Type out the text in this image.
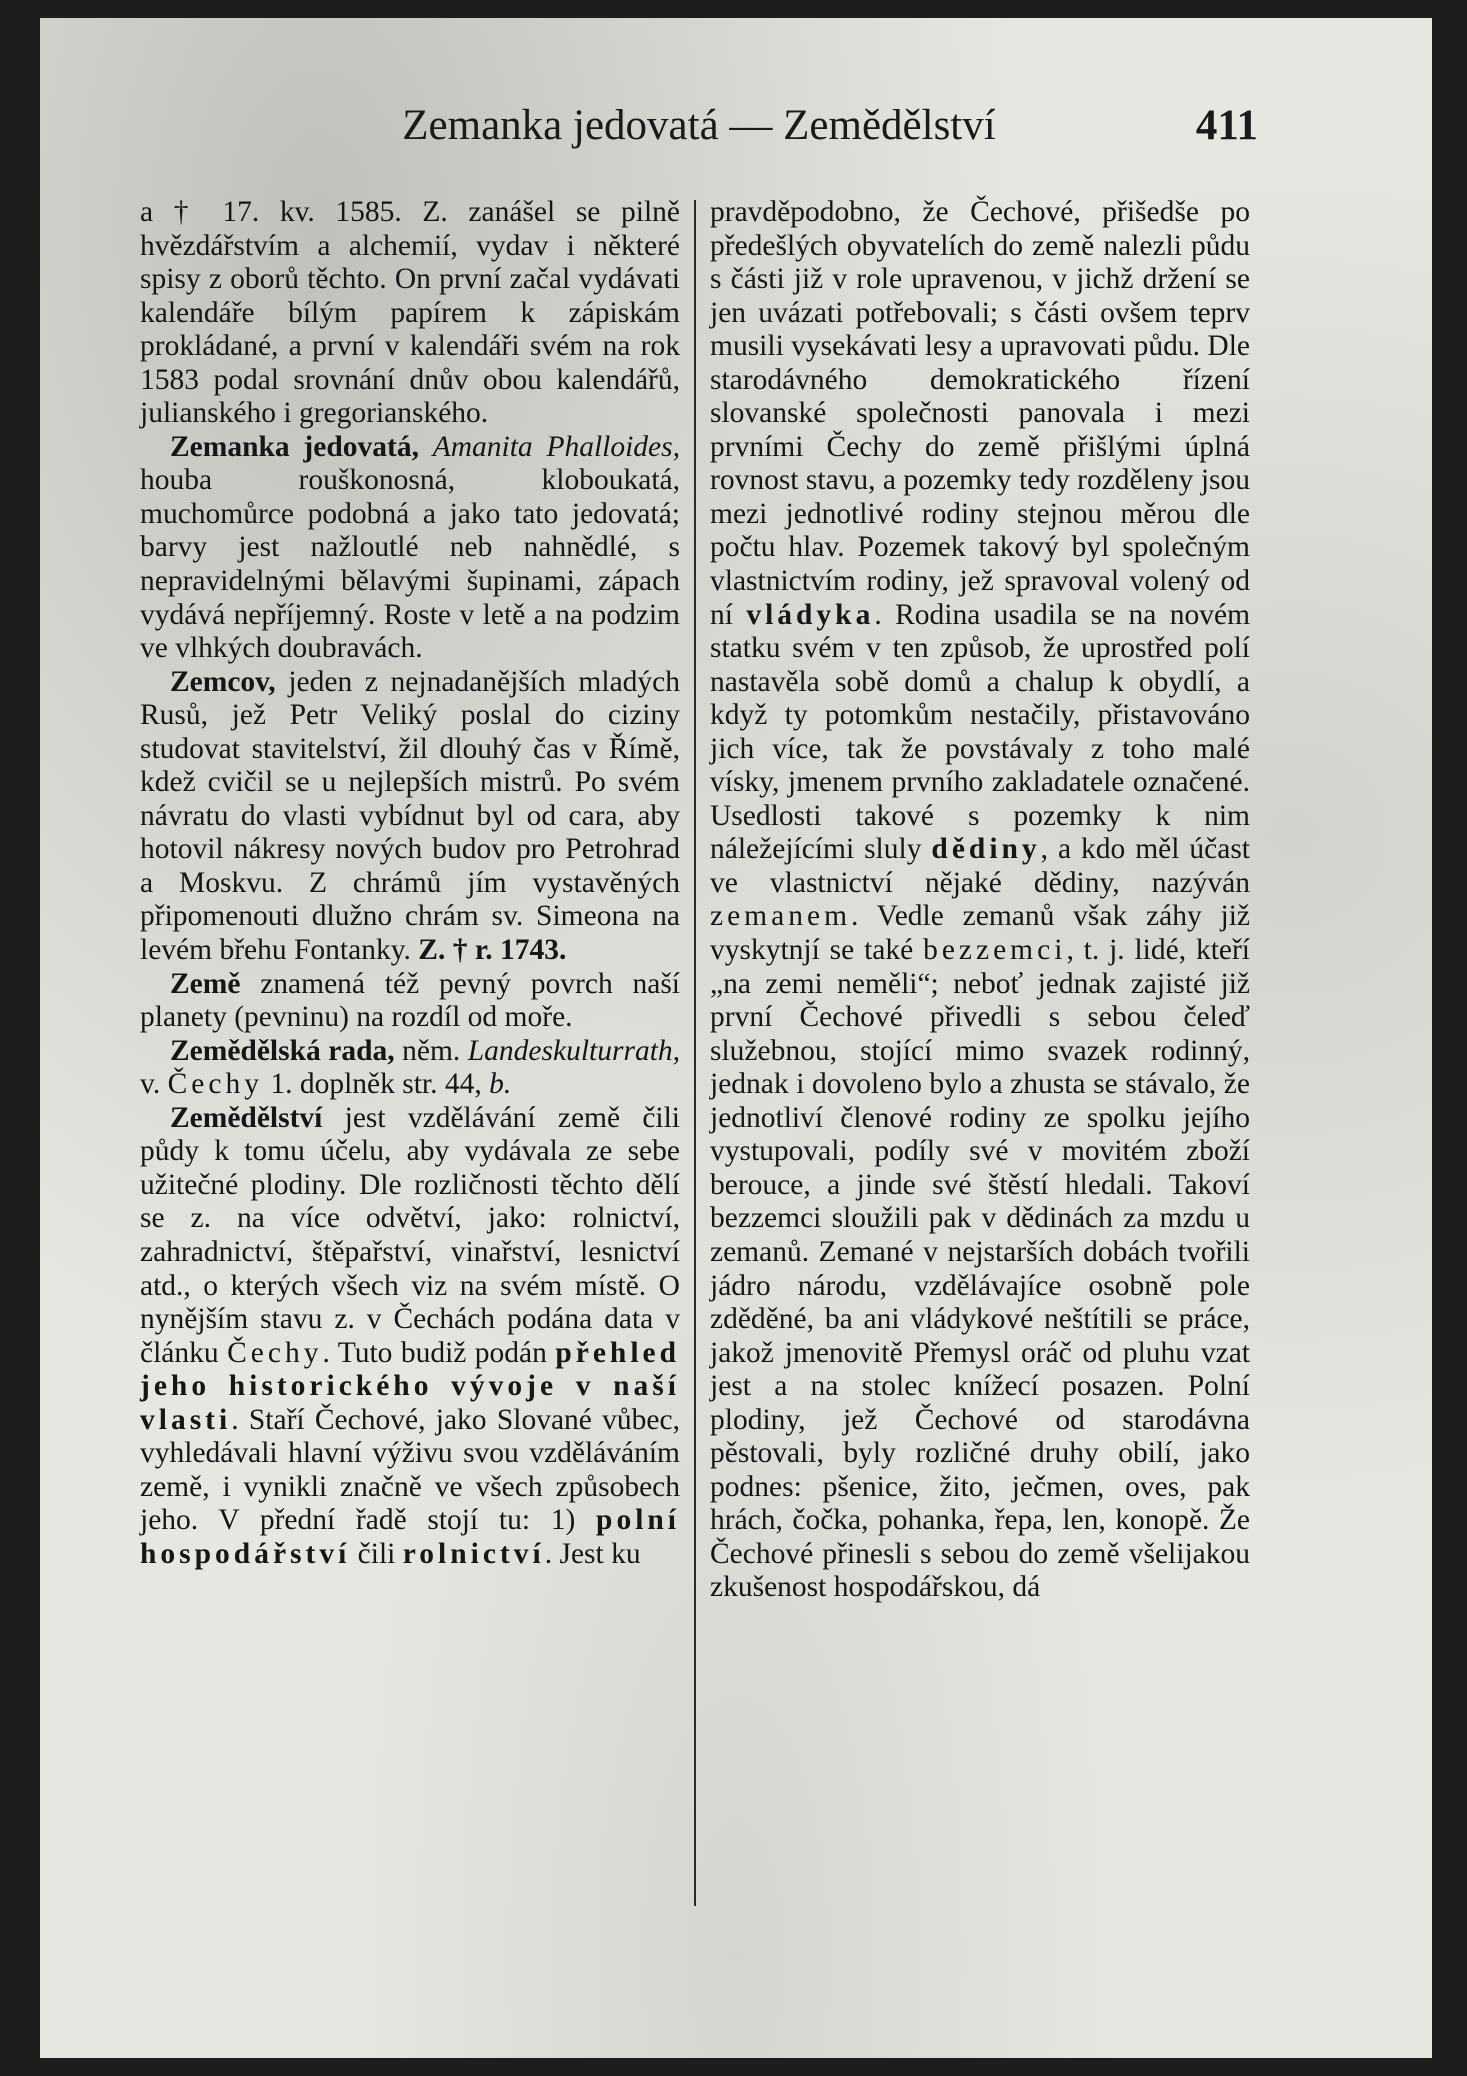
Zemanka jedovatá — Zemědělství	411

a † 17. kv. 1585. Z. zanášel se pilně hvězdářstvím a alchemií, vydav i některé spisy z oborů těchto. On první začal vydávati kalendáře bílým papírem k zápiskám prokládané, a první v kalendáři svém na rok 1583 podal srovnání dnův obou kalendářů, julianského i gregorianského.

Zemanka jedovatá, Amanita Phalloides, houba rouškonosná, kloboukatá, muchomůrce podobná a jako tato jedovatá; barvy jest nažloutlé neb nahnědlé, s nepravidelnými bělavými šupinami, zápach vydává nepříjemný. Roste v letě a na podzim ve vlhkých doubravách.

Zemcov, jeden z nejnadanějších mladých Rusů, jež Petr Veliký poslal do ciziny studovat stavitelství, žil dlouhý čas v Římě, kdež cvičil se u nejlepších mistrů. Po svém návratu do vlasti vybídnut byl od cara, aby hotovil nákresy nových budov pro Petrohrad a Moskvu. Z chrámů jím vystavěných připomenouti dlužno chrám sv. Simeona na levém břehu Fontanky. Z. † r. 1743.

Země znamená též pevný povrch naší planety (pevninu) na rozdíl od moře.

Zemědělská rada, něm. Landeskulturrath, v. Čechy 1. doplněk str. 44, b.

Zemědělství jest vzdělávání země čili půdy k tomu účelu, aby vydávala ze sebe užitečné plodiny. Dle rozličnosti těchto dělí se z. na více odvětví, jako: rolnictví, zahradnictví, štěpařství, vinařství, lesnictví atd., o kterých všech viz na svém místě. O nynějším stavu z. v Čechách podána data v článku Čechy. Tuto budiž podán přehled jeho historického vývoje v naší vlasti. Staří Čechové, jako Slované vůbec, vyhledávali hlavní výživu svou vzděláváním země, i vynikli značně ve všech způsobech jeho. V přední řadě stojí tu: 1) polní hospodářství čili rolnictví. Jest ku

pravděpodobno, že Čechové, přišedše po předešlých obyvatelích do země nalezli půdu s části již v role upravenou, v jichž držení se jen uvázati potřebovali; s části ovšem teprv musili vysekávati lesy a upravovati půdu. Dle starodávného demokratického řízení slovanské společnosti panovala i mezi prvními Čechy do země přišlými úplná rovnost stavu, a pozemky tedy rozděleny jsou mezi jednotlivé rodiny stejnou měrou dle počtu hlav. Pozemek takový byl společným vlastnictvím rodiny, jež spravoval volený od ní vládyka. Rodina usadila se na novém statku svém v ten způsob, že uprostřed polí nastavěla sobě domů a chalup k obydlí, a když ty potomkům nestačily, přistavováno jich více, tak že povstávaly z toho malé vísky, jmenem prvního zakladatele označené. Usedlosti takové s pozemky k nim náležejícími sluly dědiny, a kdo měl účast ve vlastnictví nějaké dědiny, nazýván zemanem. Vedle zemanů však záhy již vyskytnjí se také bezzemci, t. j. lidé, kteří „na zemi neměli“; neboť jednak zajisté již první Čechové přivedli s sebou čeleď služebnou, stojící mimo svazek rodinný, jednak i dovoleno bylo a zhusta se stávalo, že jednotliví členové rodiny ze spolku jejího vystupovali, podíly své v movitém zboží berouce, a jinde své štěstí hledali. Takoví bezzemci sloužili pak v dědinách za mzdu u zemanů. Zemané v nejstarších dobách tvořili jádro národu, vzdělávajíce osobně pole zděděné, ba ani vládykové neštítili se práce, jakož jmenovitě Přemysl oráč od pluhu vzat jest a na stolec knížecí posazen. Polní plodiny, jež Čechové od starodávna pěstovali, byly rozličné druhy obilí, jako podnes: pšenice, žito, ječmen, oves, pak hrách, čočka, pohanka, řepa, len, konopě. Že Čechové přinesli s sebou do země všelijakou zkušenost hospodářskou, dá
